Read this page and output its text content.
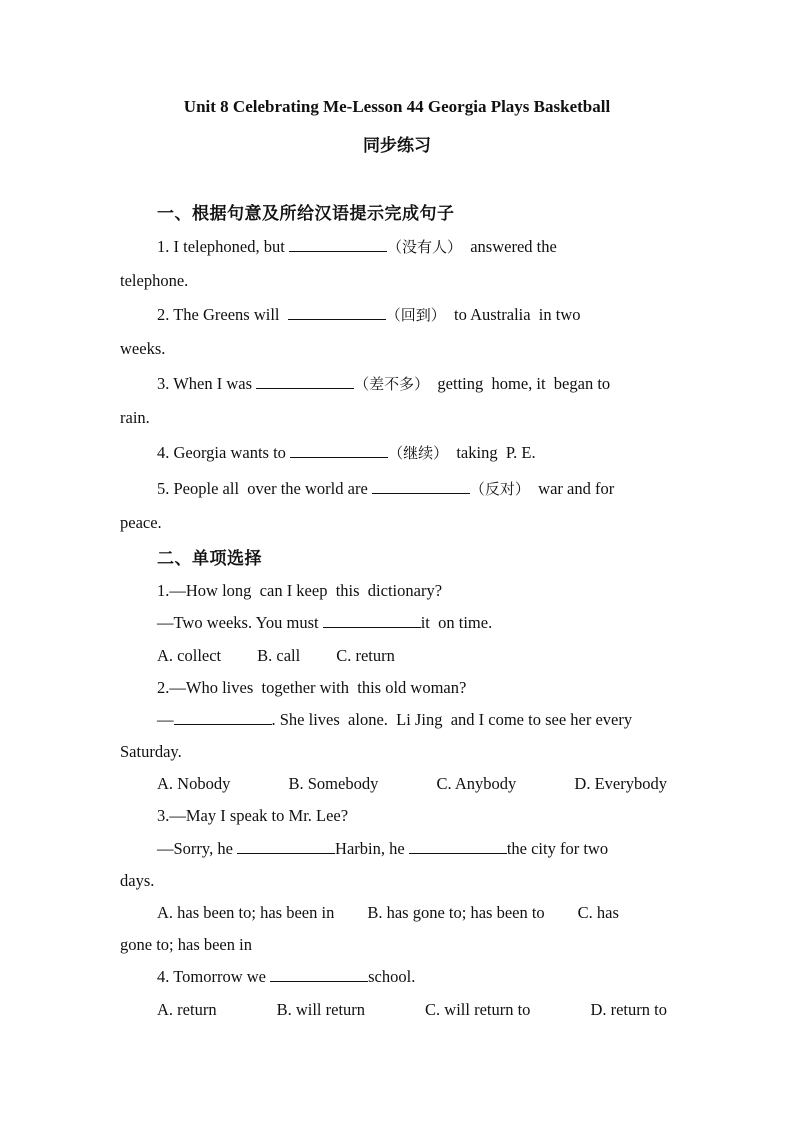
Unit 8 Celebrating Me-Lesson 44 Georgia Plays Basketball
同步练习
一、根据句意及所给汉语提示完成句子
1. I telephoned, but	（没有人）  answered the
telephone.
2. The Greens will	（回到）  to Australia  in two
weeks.
3. When I was	（差不多）  getting  home, it  began to
rain.
4. Georgia wants to	（继续）  taking  P. E.
5. People all  over the world are	（反对）  war and for
peace.
二、单项选择
1.—How long  can I keep  this  dictionary?
—Two weeks. You must	it  on time.
A. collect B. call C. return
2.—Who lives  together with  this old woman?
—	. She lives  alone.  Li Jing  and I come to see her every
Saturday.
A. Nobody	B. Somebody	C. Anybody	D. Everybody
3.—May I speak to Mr. Lee?
—Sorry, he	Harbin, he	the city for two
days.
A. has been to; has been in        B. has gone to; has been to        C. has
gone to; has been in
4. Tomorrow we	school.
A. return	B. will return	C. will return to	D. return to
